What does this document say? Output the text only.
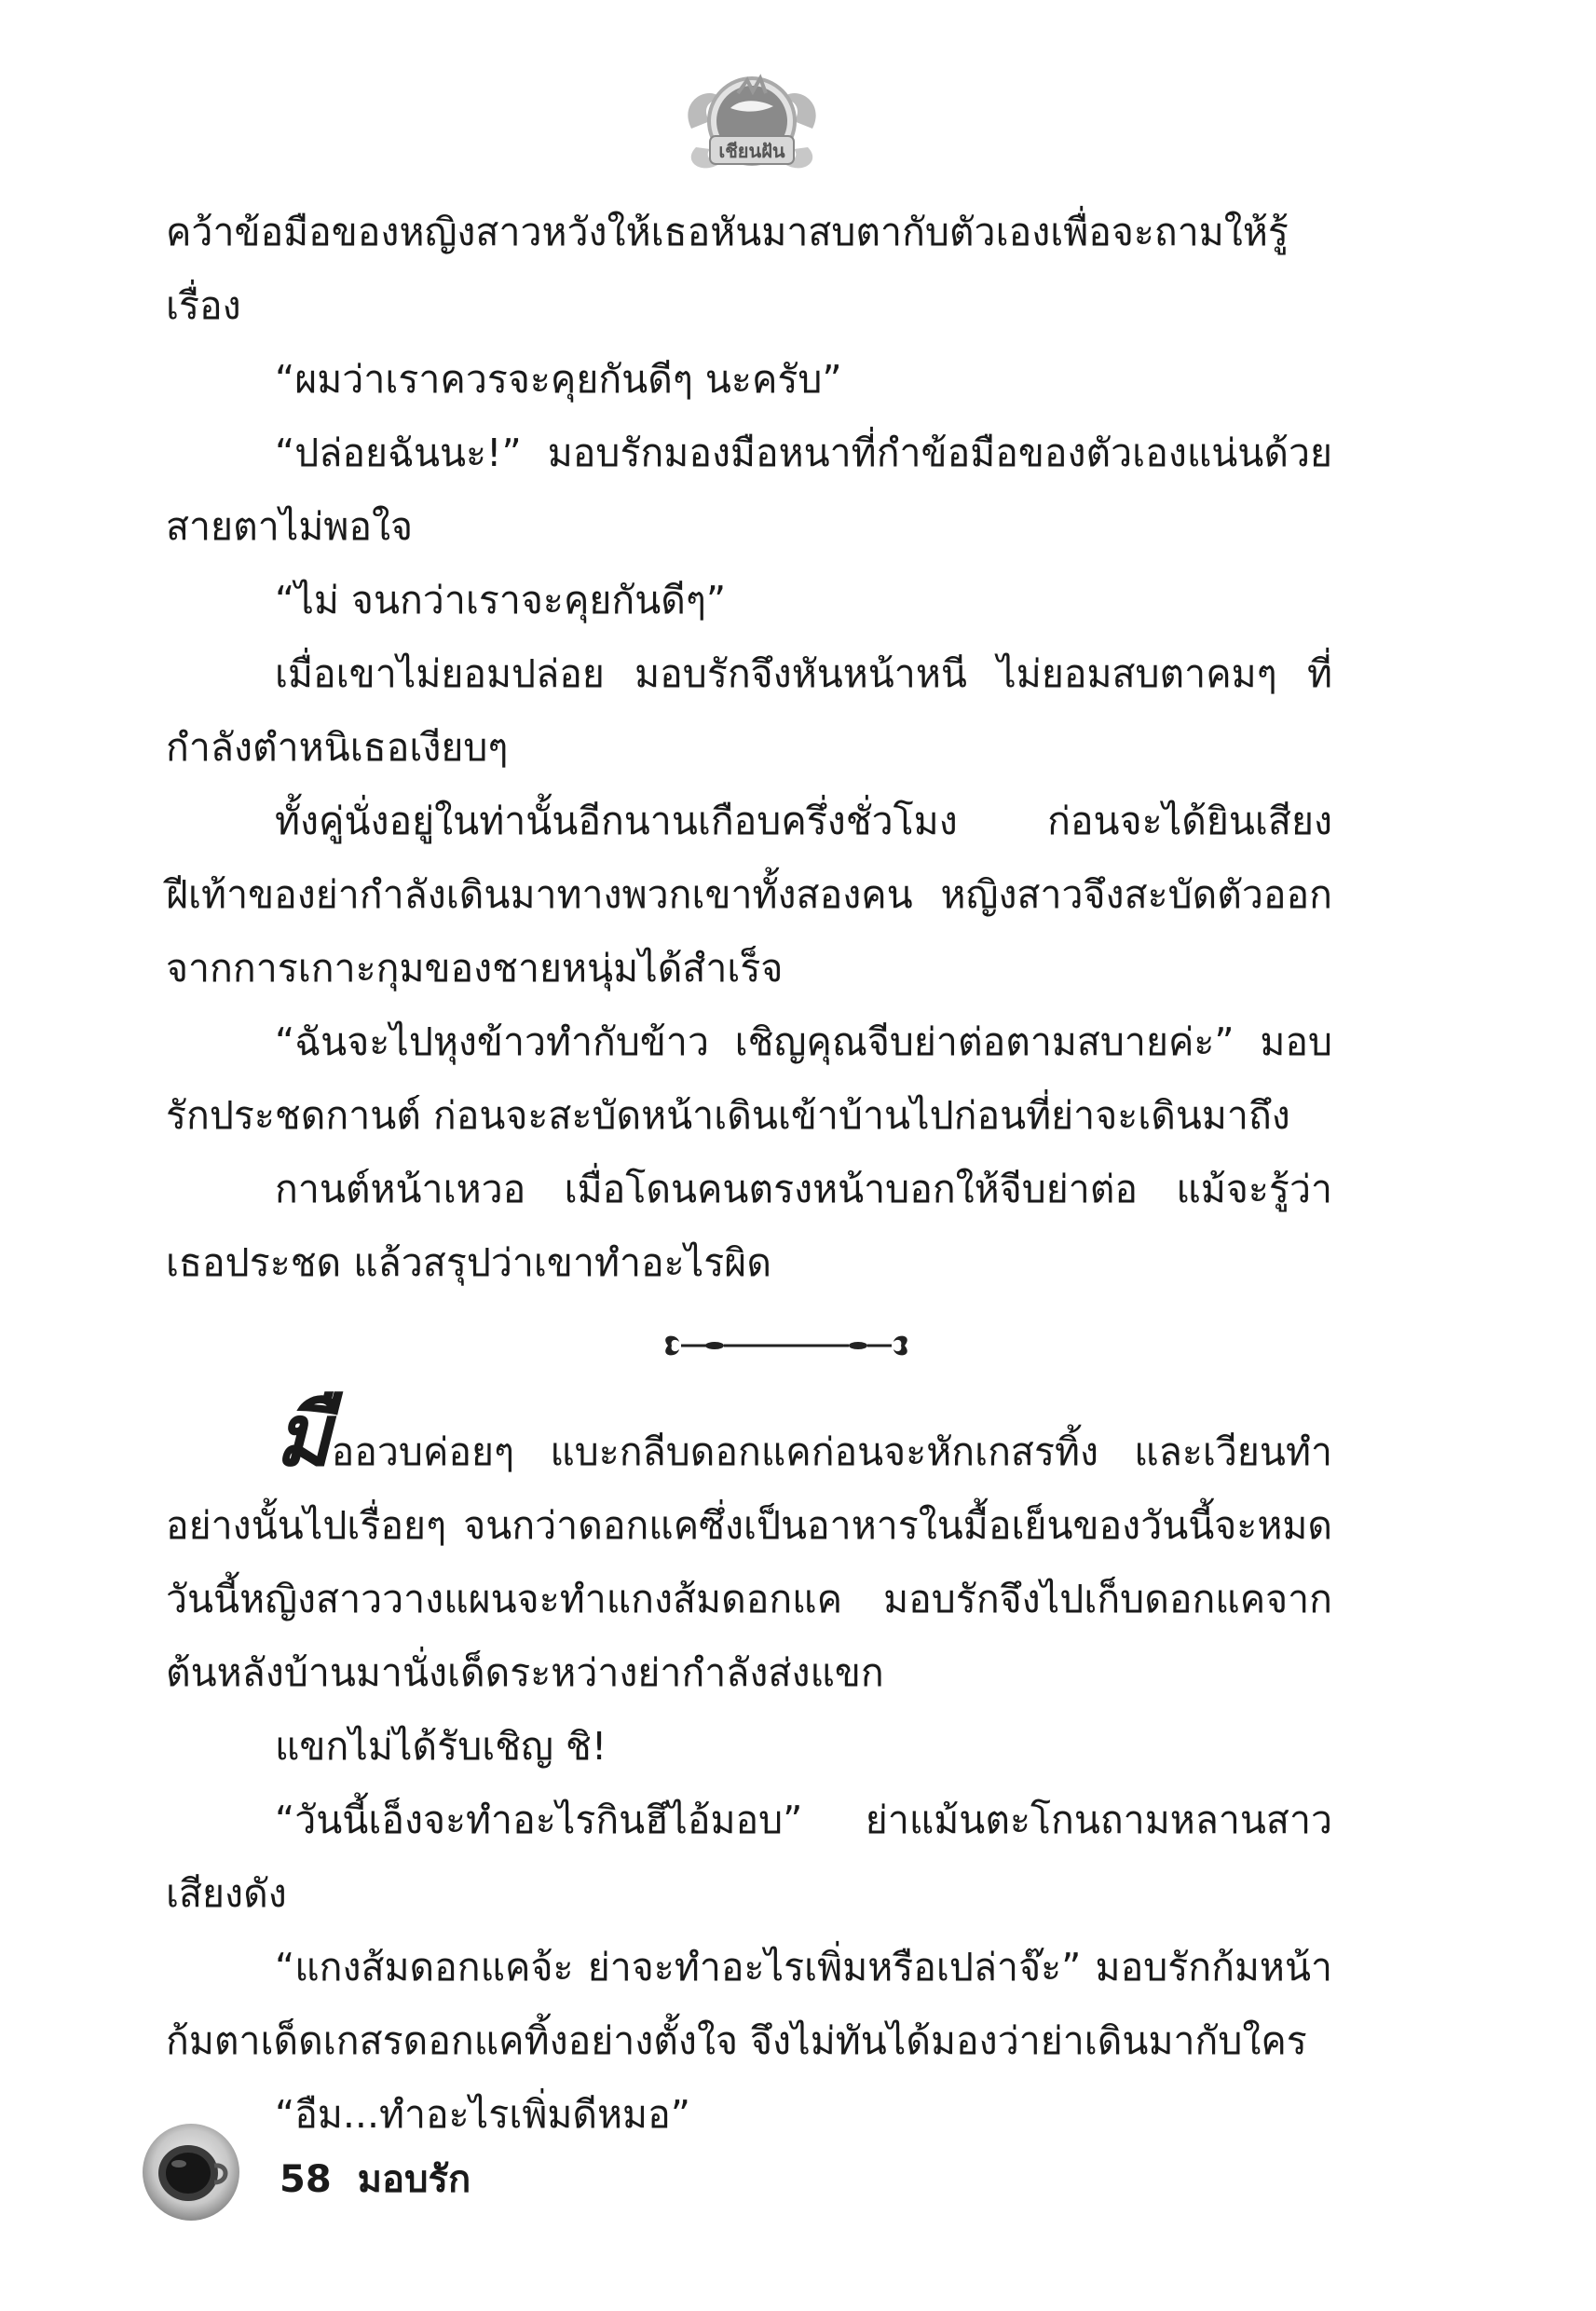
เชียนฝัน

คว้าข้อมือของหญิงสาวหวังให้เธอหันมาสบตากับตัวเองเพื่อจะถามให้รู้เรื่อง

“ผมว่าเราควรจะคุยกันดีๆ นะครับ”

“ปล่อยฉันนะ!” มอบรักมองมือหนาที่กำข้อมือของตัวเองแน่นด้วยสายตาไม่พอใจ

“ไม่ จนกว่าเราจะคุยกันดีๆ”

เมื่อเขาไม่ยอมปล่อย มอบรักจึงหันหน้าหนี ไม่ยอมสบตาคมๆ ที่กำลังตำหนิเธอเงียบๆ

ทั้งคู่นั่งอยู่ในท่านั้นอีกนานเกือบครึ่งชั่วโมง ก่อนจะได้ยินเสียงฝีเท้าของย่ากำลังเดินมาทางพวกเขาทั้งสองคน หญิงสาวจึงสะบัดตัวออกจากการเกาะกุมของชายหนุ่มได้สำเร็จ

“ฉันจะไปหุงข้าวทำกับข้าว เชิญคุณจีบย่าต่อตามสบายค่ะ” มอบรักประชดกานต์ ก่อนจะสะบัดหน้าเดินเข้าบ้านไปก่อนที่ย่าจะเดินมาถึง

กานต์หน้าเหวอ เมื่อโดนคนตรงหน้าบอกให้จีบย่าต่อ แม้จะรู้ว่าเธอประชด แล้วสรุปว่าเขาทำอะไรผิด

มืออวบค่อยๆ แบะกลีบดอกแคก่อนจะหักเกสรทิ้ง และเวียนทำอย่างนั้นไปเรื่อยๆ จนกว่าดอกแคซึ่งเป็นอาหารในมื้อเย็นของวันนี้จะหมด วันนี้หญิงสาววางแผนจะทำแกงส้มดอกแค มอบรักจึงไปเก็บดอกแคจากต้นหลังบ้านมานั่งเด็ดระหว่างย่ากำลังส่งแขก

แขกไม่ได้รับเชิญ ชิ!

“วันนี้เอ็งจะทำอะไรกินฮึไอ้มอบ” ย่าแม้นตะโกนถามหลานสาวเสียงดัง

“แกงส้มดอกแคจ้ะ ย่าจะทำอะไรเพิ่มหรือเปล่าจ๊ะ” มอบรักก้มหน้าก้มตาเด็ดเกสรดอกแคทิ้งอย่างตั้งใจ จึงไม่ทันได้มองว่าย่าเดินมากับใคร

“อืม...ทำอะไรเพิ่มดีหมอ”

58 มอบรัก
